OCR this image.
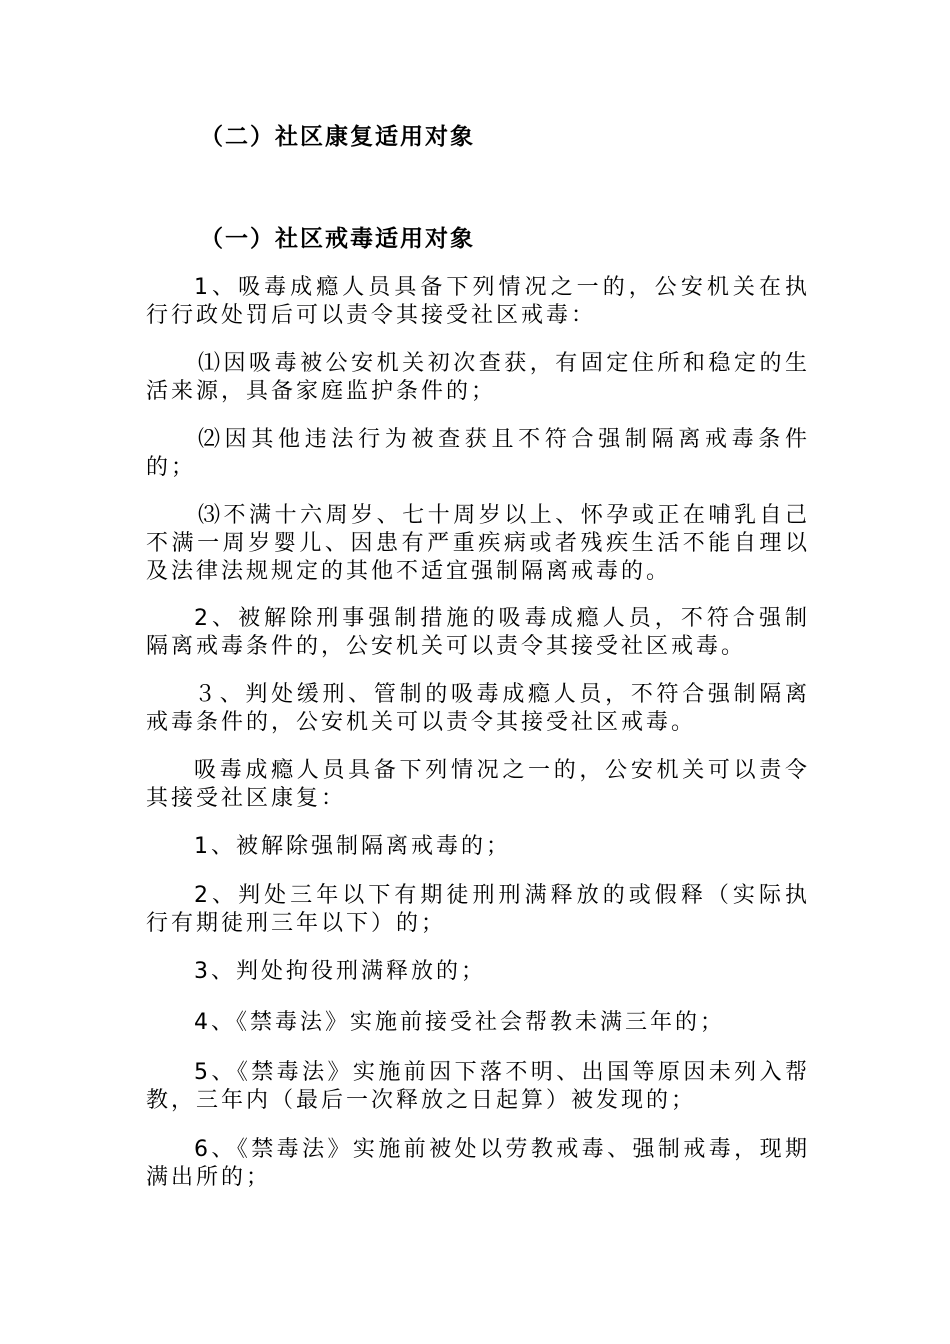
（二）社区康复适用对象
（一）社区戒毒适用对象

1、吸毒成瘾人员具备下列情况之一的，公安机关在执行行政处罚后可以责令其接受社区戒毒：

⑴因吸毒被公安机关初次查获，有固定住所和稳定的生活来源，具备家庭监护条件的；

⑵因其他违法行为被查获且不符合强制隔离戒毒条件的；

⑶不满十六周岁、七十周岁以上、怀孕或正在哺乳自己不满一周岁婴儿、因患有严重疾病或者残疾生活不能自理以及法律法规规定的其他不适宜强制隔离戒毒的。

2、被解除刑事强制措施的吸毒成瘾人员，不符合强制隔离戒毒条件的，公安机关可以责令其接受社区戒毒。

３、判处缓刑、管制的吸毒成瘾人员，不符合强制隔离戒毒条件的，公安机关可以责令其接受社区戒毒。

吸毒成瘾人员具备下列情况之一的，公安机关可以责令其接受社区康复：

1、被解除强制隔离戒毒的；

2、判处三年以下有期徒刑刑满释放的或假释（实际执行有期徒刑三年以下）的；

3、判处拘役刑满释放的；

4、《禁毒法》实施前接受社会帮教未满三年的；

5、《禁毒法》实施前因下落不明、出国等原因未列入帮教，三年内（最后一次释放之日起算）被发现的；

6、《禁毒法》实施前被处以劳教戒毒、强制戒毒，现期满出所的；
